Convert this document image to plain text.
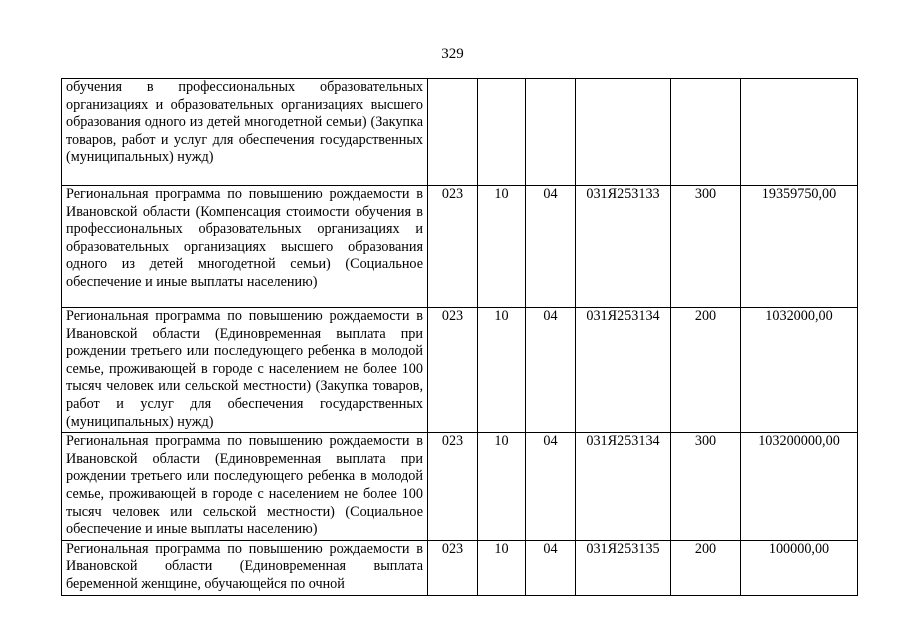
329
обучения в профессиональных образовательных организациях и образовательных организациях высшего образования одного из детей многодетной семьи) (Закупка товаров, работ и услуг для обеспечения государственных (муниципальных) нужд)						
Региональная программа по повышению рождаемости в Ивановской области (Компенсация стоимости обучения в профессиональных образовательных организациях и образовательных организациях высшего образования одного из детей многодетной семьи) (Социальное обеспечение и иные выплаты населению)	023	10	04	031Я253133	300	19359750,00
Региональная программа по повышению рождаемости в Ивановской области (Единовременная выплата при рождении третьего или последующего ребенка в молодой семье, проживающей в городе с населением не более 100 тысяч человек или сельской местности) (Закупка товаров, работ и услуг для обеспечения государственных (муниципальных) нужд)	023	10	04	031Я253134	200	1032000,00
Региональная программа по повышению рождаемости в Ивановской области (Единовременная выплата при рождении третьего или последующего ребенка в молодой семье, проживающей в городе с населением не более 100 тысяч человек или сельской местности) (Социальное обеспечение и иные выплаты населению)	023	10	04	031Я253134	300	103200000,00
Региональная программа по повышению рождаемости в Ивановской области (Единовременная выплата беременной женщине, обучающейся по очной	023	10	04	031Я253135	200	100000,00
